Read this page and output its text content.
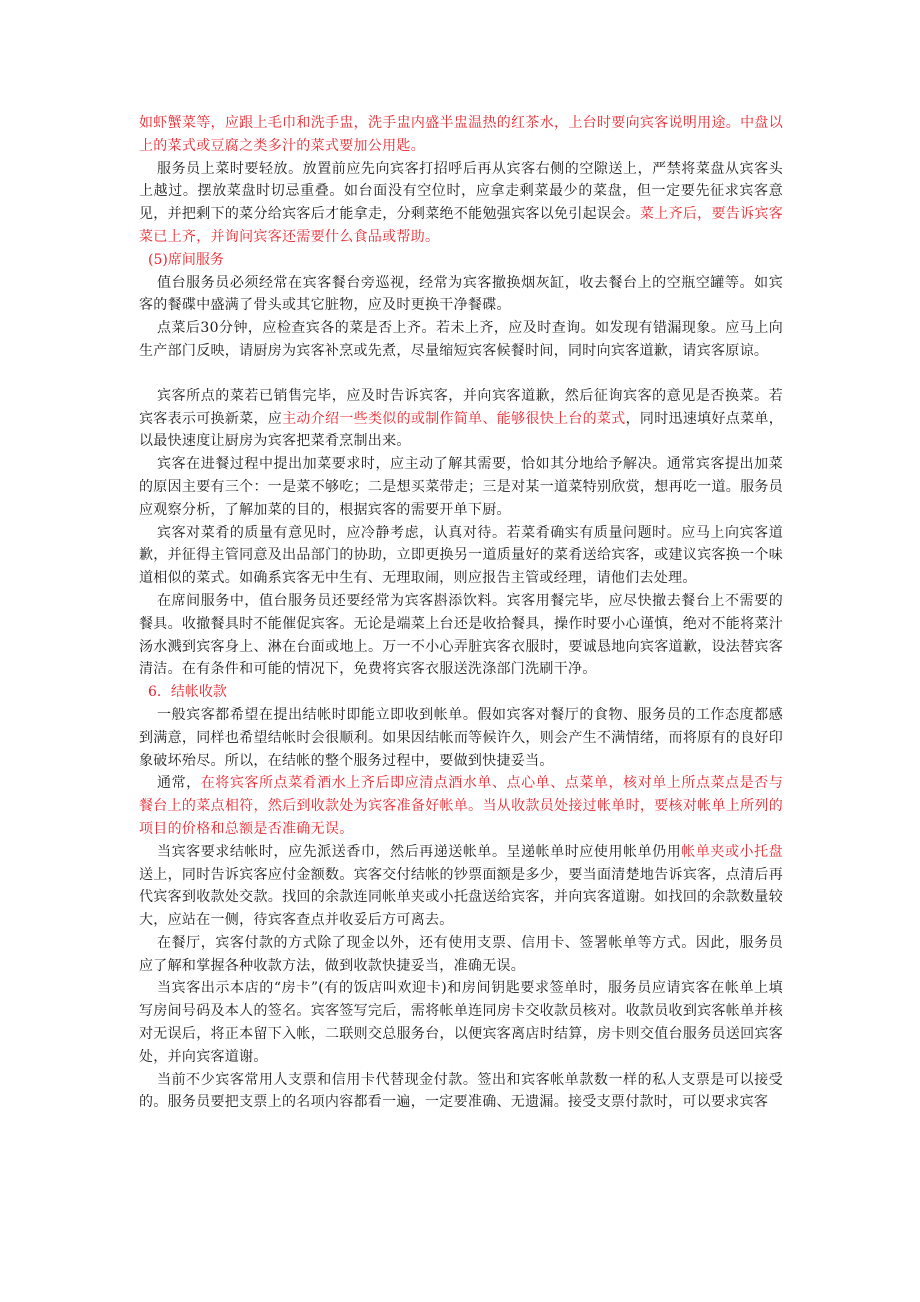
如虾蟹菜等，应跟上毛巾和洗手盅，洗手盅内盛半盅温热的红茶水，上台时要向宾客说明用途。中盘以上的菜式或豆腐之类多汁的菜式要加公用匙。

服务员上菜时要轻放。放置前应先向宾客打招呼后再从宾客右侧的空隙送上，严禁将菜盘从宾客头上越过。摆放菜盘时切忌重叠。如台面没有空位时，应拿走剩菜最少的菜盘，但一定要先征求宾客意见，并把剩下的菜分给宾客后才能拿走，分剩菜绝不能勉强宾客以免引起误会。菜上齐后，要告诉宾客菜已上齐，并询问宾客还需要什么食品或帮助。

(5)席间服务

值台服务员必须经常在宾客餐台旁巡视，经常为宾客撤换烟灰缸，收去餐台上的空瓶空罐等。如宾客的餐碟中盛满了骨头或其它脏物，应及时更换干净餐碟。

点菜后30分钟，应检查宾各的菜是否上齐。若未上齐，应及时查询。如发现有错漏现象。应马上向生产部门反映，请厨房为宾客补烹或先煮，尽量缩短宾客候餐时间，同时向宾客道歉，请宾客原谅。

宾客所点的菜若已销售完毕，应及时告诉宾客，并向宾客道歉，然后征询宾客的意见是否换菜。若宾客表示可换新菜，应主动介绍一些类似的或制作简单、能够很快上台的菜式，同时迅速填好点菜单，以最快速度让厨房为宾客把菜肴烹制出来。

宾客在进餐过程中提出加菜要求时，应主动了解其需要，恰如其分地给予解决。通常宾客提出加菜的原因主要有三个：一是菜不够吃；二是想买菜带走；三是对某一道菜特别欣赏，想再吃一道。服务员应观察分析，了解加菜的目的，根据宾客的需要开单下厨。

宾客对菜肴的质量有意见时，应冷静考虑，认真对待。若菜肴确实有质量问题时。应马上向宾客道歉，并征得主管同意及出品部门的协助，立即更换另一道质量好的菜肴送给宾客，或建议宾客换一个味道相似的菜式。如确系宾客无中生有、无理取闹，则应报告主管或经理，请他们去处理。

在席间服务中，值台服务员还要经常为宾客斟添饮料。宾客用餐完毕，应尽快撤去餐台上不需要的餐具。收撤餐具时不能催促宾客。无论是端菜上台还是收拾餐具，操作时要小心谨慎，绝对不能将菜汁汤水溅到宾客身上、淋在台面或地上。万一不小心弄脏宾客衣服时，要诚恳地向宾客道歉，设法替宾客清洁。在有条件和可能的情况下，免费将宾客衣服送洗涤部门洗刷干净。

6．结帐收款

一般宾客都希望在提出结帐时即能立即收到帐单。假如宾客对餐厅的食物、服务员的工作态度都感到满意，同样也希望结帐时会很顺利。如果因结帐而等候许久，则会产生不满情绪，而将原有的良好印象破坏殆尽。所以，在结帐的整个服务过程中，要做到快捷妥当。

通常，在将宾客所点菜肴酒水上齐后即应清点酒水单、点心单、点菜单，核对单上所点菜点是否与餐台上的菜点相符，然后到收款处为宾客准备好帐单。当从收款员处接过帐单时，要核对帐单上所列的项目的价格和总额是否准确无误。

当宾客要求结帐时，应先派送香巾，然后再递送帐单。呈递帐单时应使用帐单仍用帐单夹或小托盘送上，同时告诉宾客应付金额数。宾客交付结帐的钞票面额是多少，要当面清楚地告诉宾客，点清后再代宾客到收款处交款。找回的余款连同帐单夹或小托盘送给宾客，并向宾客道谢。如找回的余款数量较大，应站在一侧，待宾客查点并收妥后方可离去。

在餐厅，宾客付款的方式除了现金以外，还有使用支票、信用卡、签署帐单等方式。因此，服务员应了解和掌握各种收款方法，做到收款快捷妥当，准确无误。

当宾客出示本店的“房卡”(有的饭店叫欢迎卡)和房间钥匙要求签单时，服务员应请宾客在帐单上填写房间号码及本人的签名。宾客签写完后，需将帐单连同房卡交收款员核对。收款员收到宾客帐单并核对无误后，将正本留下入帐，二联则交总服务台，以便宾客离店时结算，房卡则交值台服务员送回宾客处，并向宾客道谢。

当前不少宾客常用人支票和信用卡代替现金付款。签出和宾客帐单款数一样的私人支票是可以接受的。服务员要把支票上的名项内容都看一遍，一定要准确、无遗漏。接受支票付款时，可以要求宾客
